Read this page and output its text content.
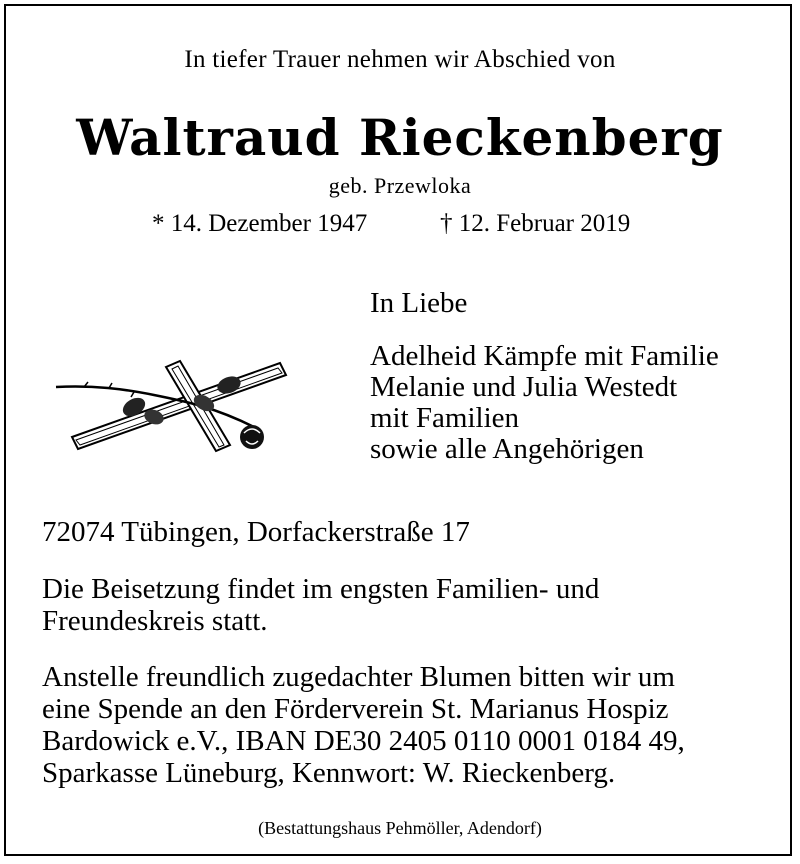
In tiefer Trauer nehmen wir Abschied von
Waltraud Rieckenberg
geb. Przewloka
* 14. Dezember 1947	† 12. Februar 2019
In Liebe
Adelheid Kämpfe mit Familie
Melanie und Julia Westedt
mit Familien
sowie alle Angehörigen
72074 Tübingen, Dorfackerstraße 17
Die Beisetzung findet im engsten Familien- und
Freundeskreis statt.
Anstelle freundlich zugedachter Blumen bitten wir um
eine Spende an den Förderverein St. Marianus Hospiz
Bardowick e.V., IBAN DE30 2405 0110 0001 0184 49,
Sparkasse Lüneburg, Kennwort: W. Rieckenberg.
(Bestattungshaus Pehmöller, Adendorf)
